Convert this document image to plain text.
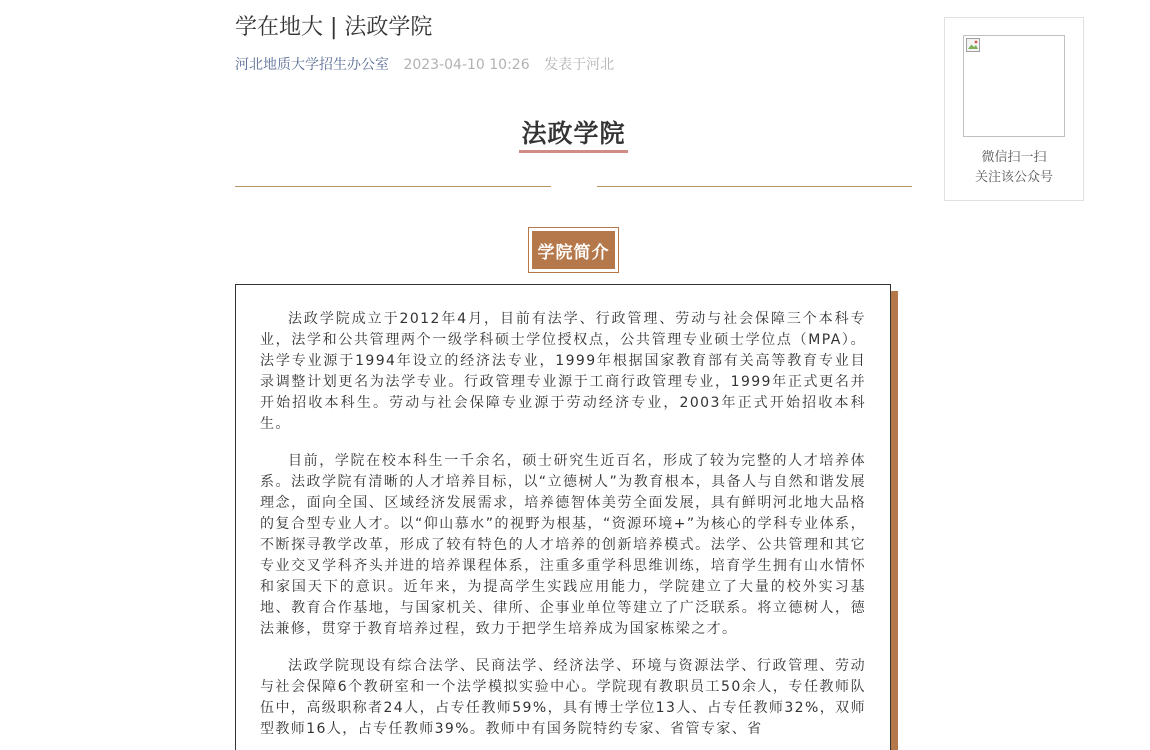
学在地大 | 法政学院
河北地质大学招生办公室 2023-04-10 10:26 发表于河北
法政学院
学院简介

法政学院成立于2012年4月，目前有法学、行政管理、劳动与社会保障三个本科专业，法学和公共管理两个一级学科硕士学位授权点，公共管理专业硕士学位点（MPA）。法学专业源于1994年设立的经济法专业，1999年根据国家教育部有关高等教育专业目录调整计划更名为法学专业。行政管理专业源于工商行政管理专业，1999年正式更名并开始招收本科生。劳动与社会保障专业源于劳动经济专业，2003年正式开始招收本科生。

目前，学院在校本科生一千余名，硕士研究生近百名，形成了较为完整的人才培养体系。法政学院有清晰的人才培养目标，以“立德树人”为教育根本，具备人与自然和谐发展理念，面向全国、区域经济发展需求，培养德智体美劳全面发展，具有鲜明河北地大品格的复合型专业人才。以“仰山慕水”的视野为根基，“资源环境+”为核心的学科专业体系，不断探寻教学改革，形成了较有特色的人才培养的创新培养模式。法学、公共管理和其它专业交叉学科齐头并进的培养课程体系，注重多重学科思维训练，培育学生拥有山水情怀和家国天下的意识。近年来，为提高学生实践应用能力，学院建立了大量的校外实习基地、教育合作基地，与国家机关、律所、企事业单位等建立了广泛联系。将立德树人，德法兼修，贯穿于教育培养过程，致力于把学生培养成为国家栋梁之才。

法政学院现设有综合法学、民商法学、经济法学、环境与资源法学、行政管理、劳动与社会保障6个教研室和一个法学模拟实验中心。学院现有教职员工50余人，专任教师队伍中，高级职称者24人，占专任教师59%，具有博士学位13人、占专任教师32%，双师型教师16人，占专任教师39%。教师中有国务院特约专家、省管专家、省

微信扫一扫
关注该公众号
